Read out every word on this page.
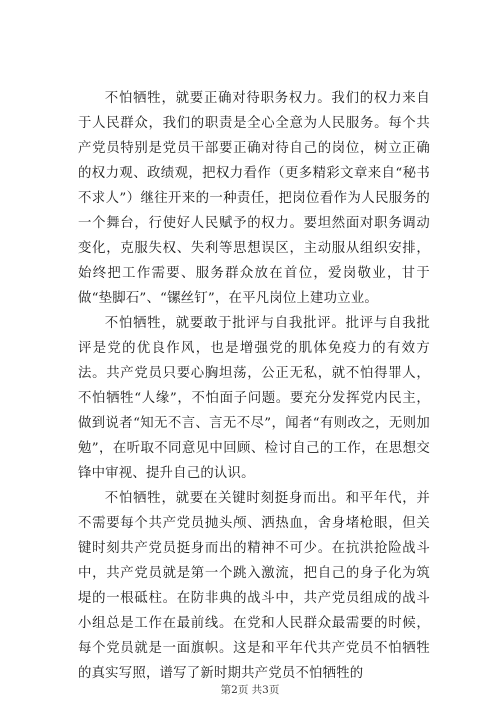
不怕牺牲，就要正确对待职务权力。我们的权力来自于人民群众，我们的职责是全心全意为人民服务。每个共产党员特别是党员干部要正确对待自己的岗位，树立正确的权力观、政绩观，把权力看作（更多精彩文章来自“秘书不求人”）继往开来的一种责任，把岗位看作为人民服务的一个舞台，行使好人民赋予的权力。要坦然面对职务调动变化，克服失权、失利等思想误区，主动服从组织安排，始终把工作需要、服务群众放在首位，爱岗敬业，甘于做“垫脚石”、“镙丝钉”，在平凡岗位上建功立业。

不怕牺牲，就要敢于批评与自我批评。批评与自我批评是党的优良作风，也是增强党的肌体免疫力的有效方法。共产党员只要心胸坦荡，公正无私，就不怕得罪人，不怕牺牲“人缘”，不怕面子问题。要充分发挥党内民主，做到说者“知无不言、言无不尽”，闻者“有则改之，无则加勉”，在听取不同意见中回顾、检讨自己的工作，在思想交锋中审视、提升自己的认识。

不怕牺牲，就要在关键时刻挺身而出。和平年代，并不需要每个共产党员抛头颅、洒热血，舍身堵枪眼，但关键时刻共产党员挺身而出的精神不可少。在抗洪抢险战斗中，共产党员就是第一个跳入激流，把自己的身子化为筑堤的一根砥柱。在防非典的战斗中，共产党员组成的战斗小组总是工作在最前线。在党和人民群众最需要的时候，每个党员就是一面旗帜。这是和平年代共产党员不怕牺牲的真实写照，谱写了新时期共产党员不怕牺牲的

第2页 共3页
